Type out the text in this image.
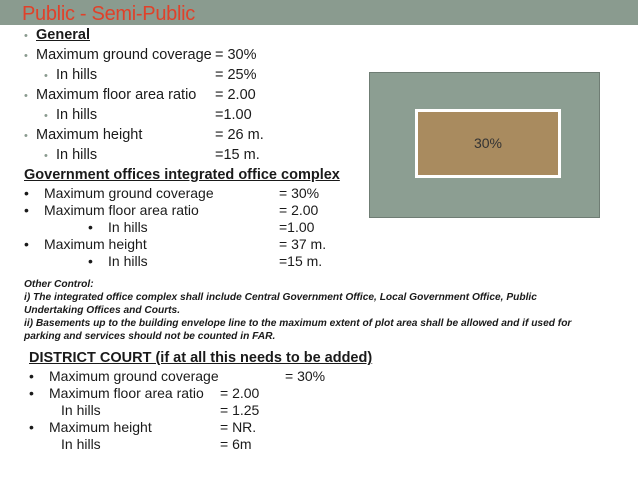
Public - Semi-Public
• General
• Maximum ground coverage = 30%
• In hills	= 25%
• Maximum floor area ratio = 2.00
• In hills	=1.00
• Maximum height	= 26 m.
• In hills	=15 m.
Government offices integrated office complex
• Maximum ground coverage	= 30%
• Maximum floor area ratio	= 2.00
• In hills	=1.00
• Maximum height	= 37 m.
• In hills	=15 m.
Other Control:
i) The integrated office complex shall include Central Government Office, Local Government Office, Public
Undertaking Offices and Courts.
ii) Basements up to the building envelope line to the maximum extent of plot area shall be allowed and if used for
parking and services should not be counted in FAR.
DISTRICT COURT (if at all this needs to be added)
• Maximum ground coverage	= 30%
• Maximum floor area ratio = 2.00
In hills	= 1.25
• Maximum height	= NR.
In hills	= 6m
30%
